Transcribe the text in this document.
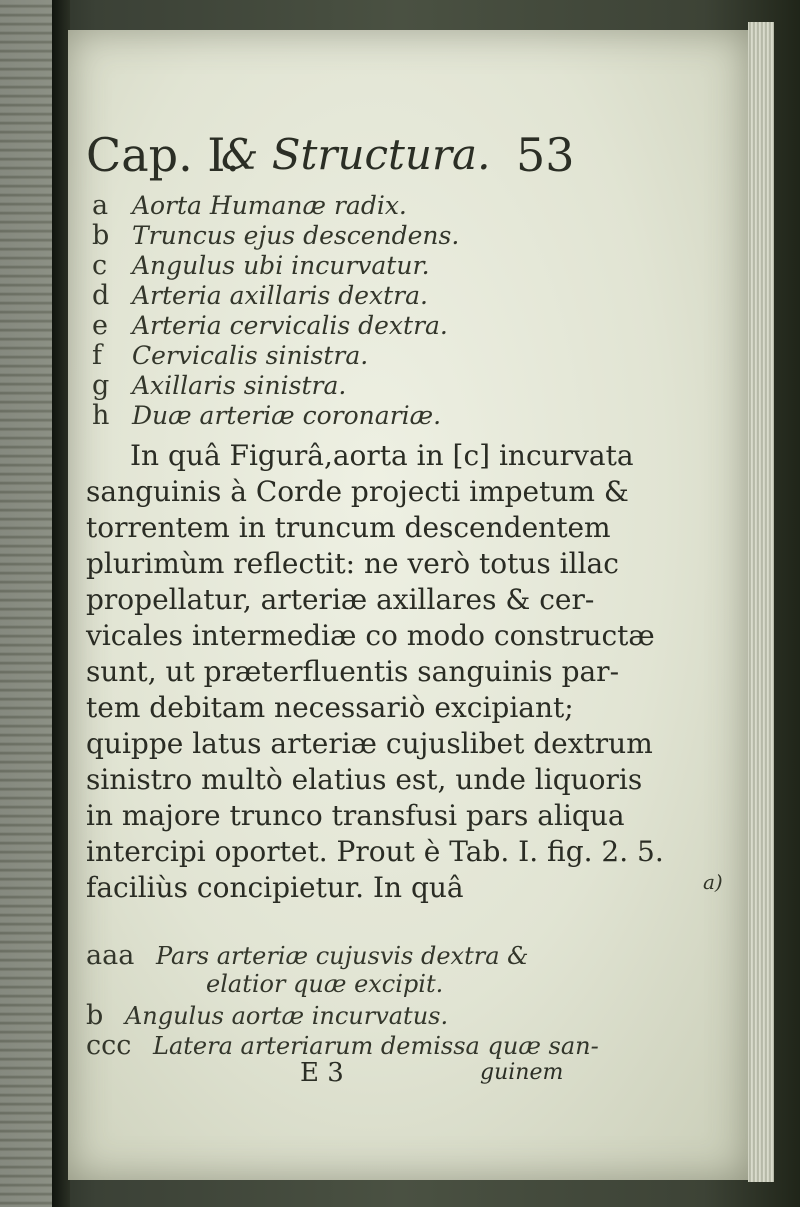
Cap. I.
& Structura. 53
a Aorta Humanæ radix.
b Truncus ejus descendens.
c Angulus ubi incurvatur.
d Arteria axillaris dextra.
e Arteria cervicalis dextra.
f Cervicalis sinistra.
g Axillaris sinistra.
h Duæ arteriæ coronariæ.
In quâ Figurâ,aorta in [c] incurvata
sanguinis à Corde projecti impetum &
torrentem in truncum descendentem
plurimùm reflectit: ne verò totus illac
propellatur, arteriæ axillares & cer-
vicales intermediæ co modo constructæ
sunt, ut præterfluentis sanguinis par-
tem debitam necessariò excipiant;
quippe latus arteriæ cujuslibet dextrum
sinistro multò elatius est, unde liquoris
in majore trunco transfusi pars aliqua
intercipi oportet. Prout è Tab. I. fig. 2. 5.
faciliùs concipietur. In quâ	a)
aaa Pars arteriæ cujusvis dextra &
elatior quæ excipit.
b Angulus aortæ incurvatus.
ccc Latera arteriarum demissa quæ san-
E 3	guinem
